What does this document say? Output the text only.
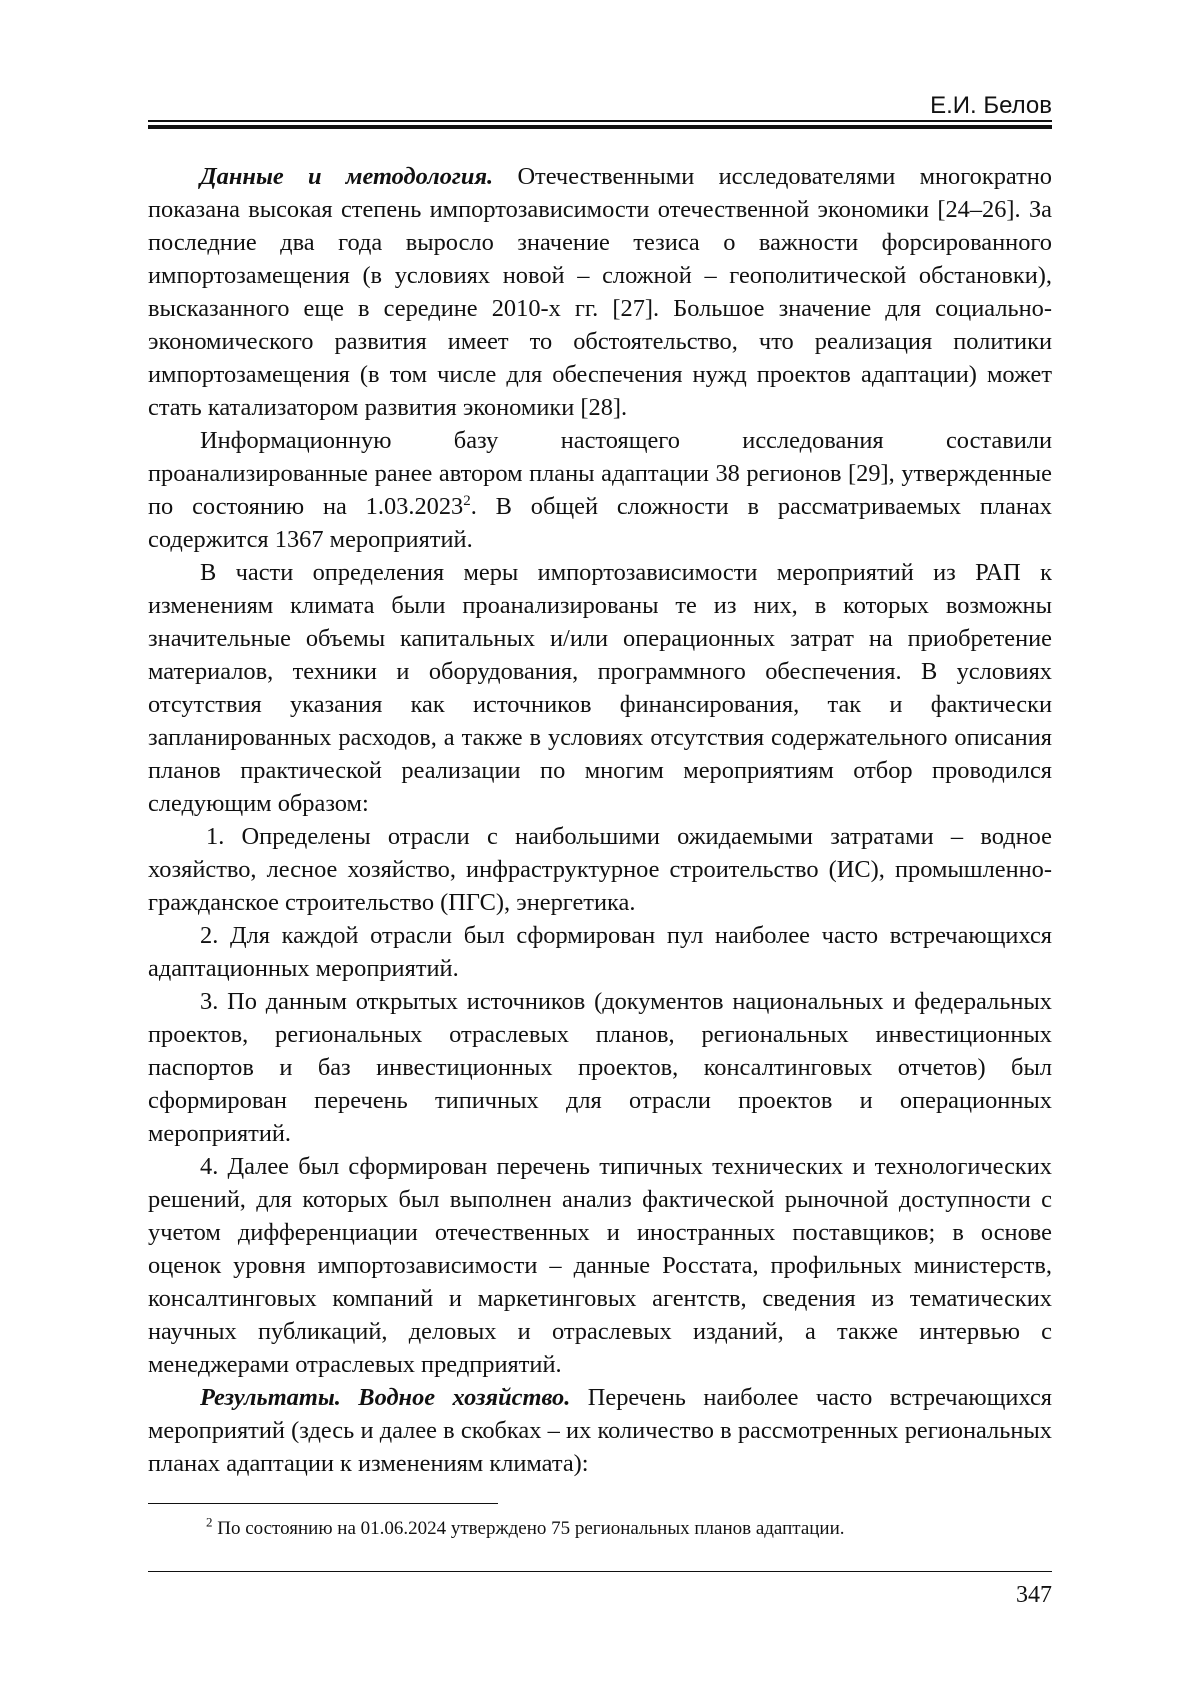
Е.И. Белов

Данные и методология. Отечественными исследователями многократно показана высокая степень импортозависимости отечественной экономики [24–26]. За последние два года выросло значение тезиса о важности форсированного импортозамещения (в условиях новой – сложной – геополитической обстановки), высказанного еще в середине 2010-х гг. [27]. Большое значение для социально-экономического развития имеет то обстоятельство, что реализация политики импортозамещения (в том числе для обеспечения нужд проектов адаптации) может стать катализатором развития экономики [28].

Информационную базу настоящего исследования составили проанализированные ранее автором планы адаптации 38 регионов [29], утвержденные по состоянию на 1.03.2023$^2$. В общей сложности в рассматриваемых планах содержится 1367 мероприятий.

В части определения меры импортозависимости мероприятий из РАП к изменениям климата были проанализированы те из них, в которых возможны значительные объемы капитальных и/или операционных затрат на приобретение материалов, техники и оборудования, программного обеспечения. В условиях отсутствия указания как источников финансирования, так и фактически запланированных расходов, а также в условиях отсутствия содержательного описания планов практической реализации по многим мероприятиям отбор проводился следующим образом:

1. Определены отрасли с наибольшими ожидаемыми затратами – водное хозяйство, лесное хозяйство, инфраструктурное строительство (ИС), промышленно-гражданское строительство (ПГС), энергетика.

2. Для каждой отрасли был сформирован пул наиболее часто встречающихся адаптационных мероприятий.

3. По данным открытых источников (документов национальных и федеральных проектов, региональных отраслевых планов, региональных инвестиционных паспортов и баз инвестиционных проектов, консалтинговых отчетов) был сформирован перечень типичных для отрасли проектов и операционных мероприятий.

4. Далее был сформирован перечень типичных технических и технологических решений, для которых был выполнен анализ фактической рыночной доступности с учетом дифференциации отечественных и иностранных поставщиков; в основе оценок уровня импортозависимости – данные Росстата, профильных министерств, консалтинговых компаний и маркетинговых агентств, сведения из тематических научных публикаций, деловых и отраслевых изданий, а также интервью с менеджерами отраслевых предприятий.

Результаты. Водное хозяйство. Перечень наиболее часто встречающихся мероприятий (здесь и далее в скобках – их количество в рассмотренных региональных планах адаптации к изменениям климата):

$^2$ По состоянию на 01.06.2024 утверждено 75 региональных планов адаптации.
347
